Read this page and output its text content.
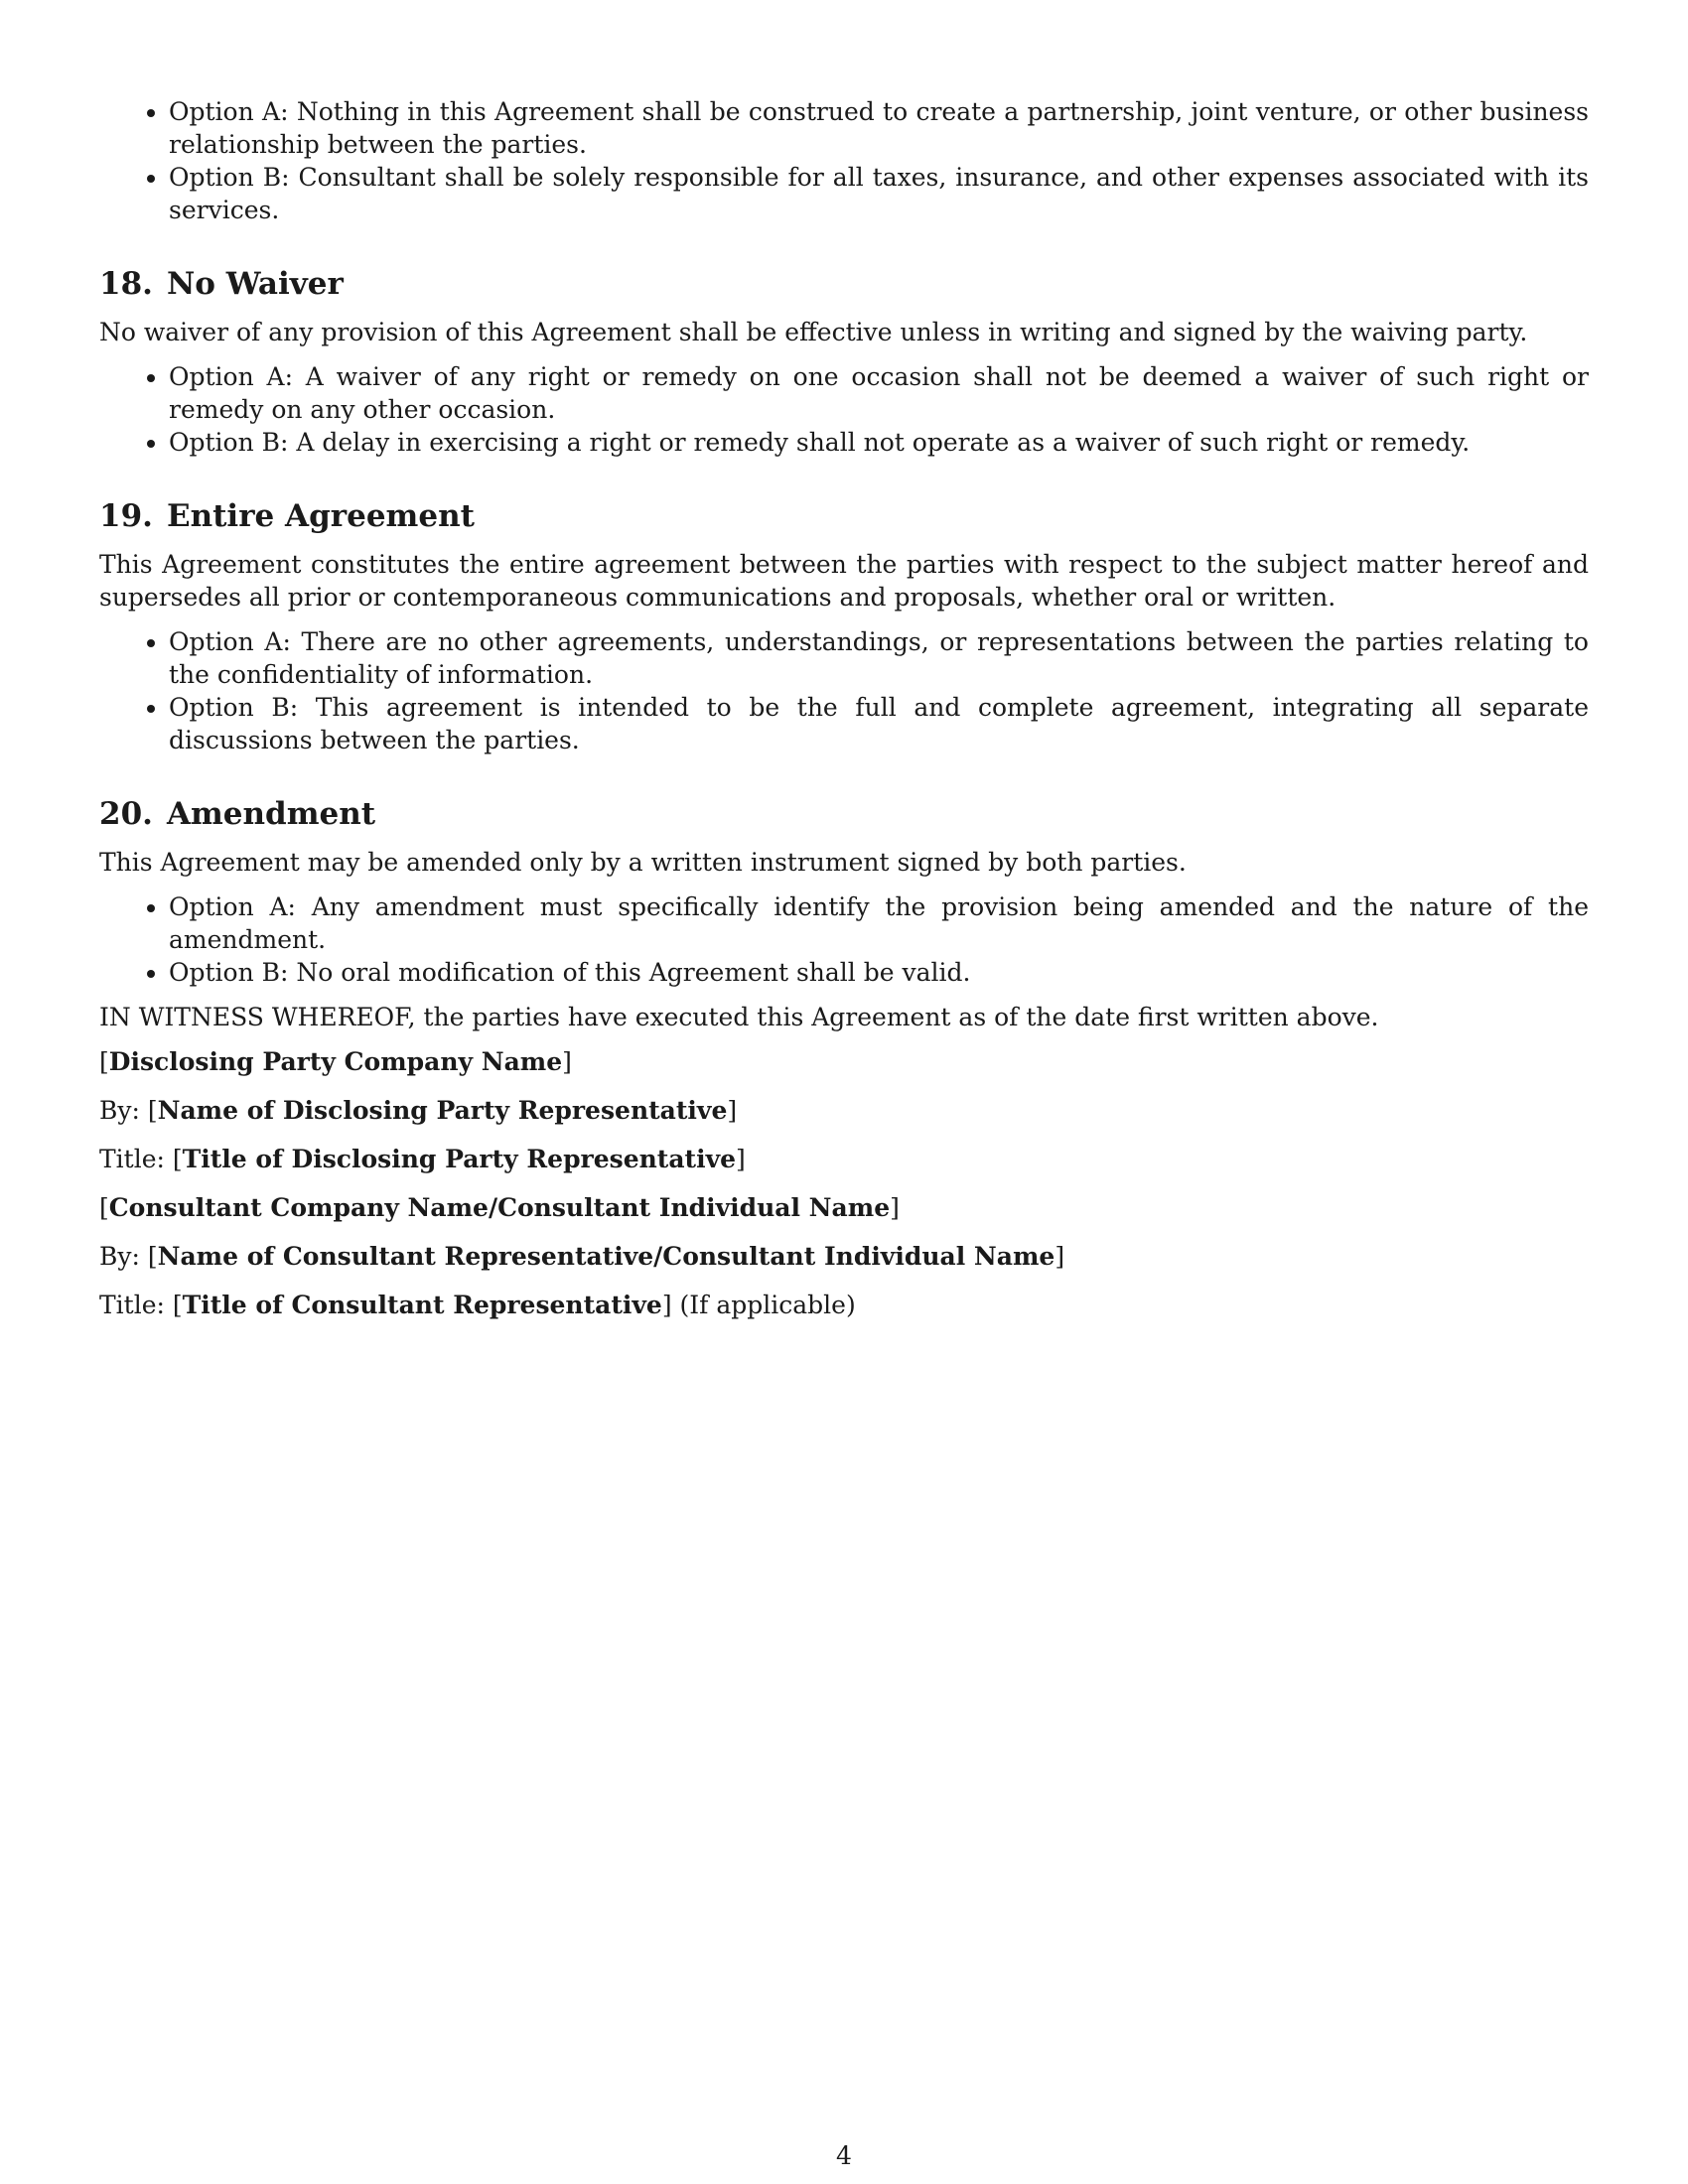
• Option A: Nothing in this Agreement shall be construed to create a partnership, joint venture, or other business relationship between the parties.
• Option B: Consultant shall be solely responsible for all taxes, insurance, and other expenses associated with its services.
18. No Waiver

No waiver of any provision of this Agreement shall be effective unless in writing and signed by the waiving party.

• Option A: A waiver of any right or remedy on one occasion shall not be deemed a waiver of such right or remedy on any other occasion.
• Option B: A delay in exercising a right or remedy shall not operate as a waiver of such right or remedy.
19. Entire Agreement

This Agreement constitutes the entire agreement between the parties with respect to the subject matter hereof and supersedes all prior or contemporaneous communications and proposals, whether oral or written.

• Option A: There are no other agreements, understandings, or representations between the parties relating to the confidentiality of information.
• Option B: This agreement is intended to be the full and complete agreement, integrating all separate discussions between the parties.
20. Amendment

This Agreement may be amended only by a written instrument signed by both parties.

• Option A: Any amendment must specifically identify the provision being amended and the nature of the amendment.
• Option B: No oral modification of this Agreement shall be valid.

IN WITNESS WHEREOF, the parties have executed this Agreement as of the date first written above.

[Disclosing Party Company Name]

By: [Name of Disclosing Party Representative]

Title: [Title of Disclosing Party Representative]

[Consultant Company Name/Consultant Individual Name]

By: [Name of Consultant Representative/Consultant Individual Name]

Title: [Title of Consultant Representative] (If applicable)

4
